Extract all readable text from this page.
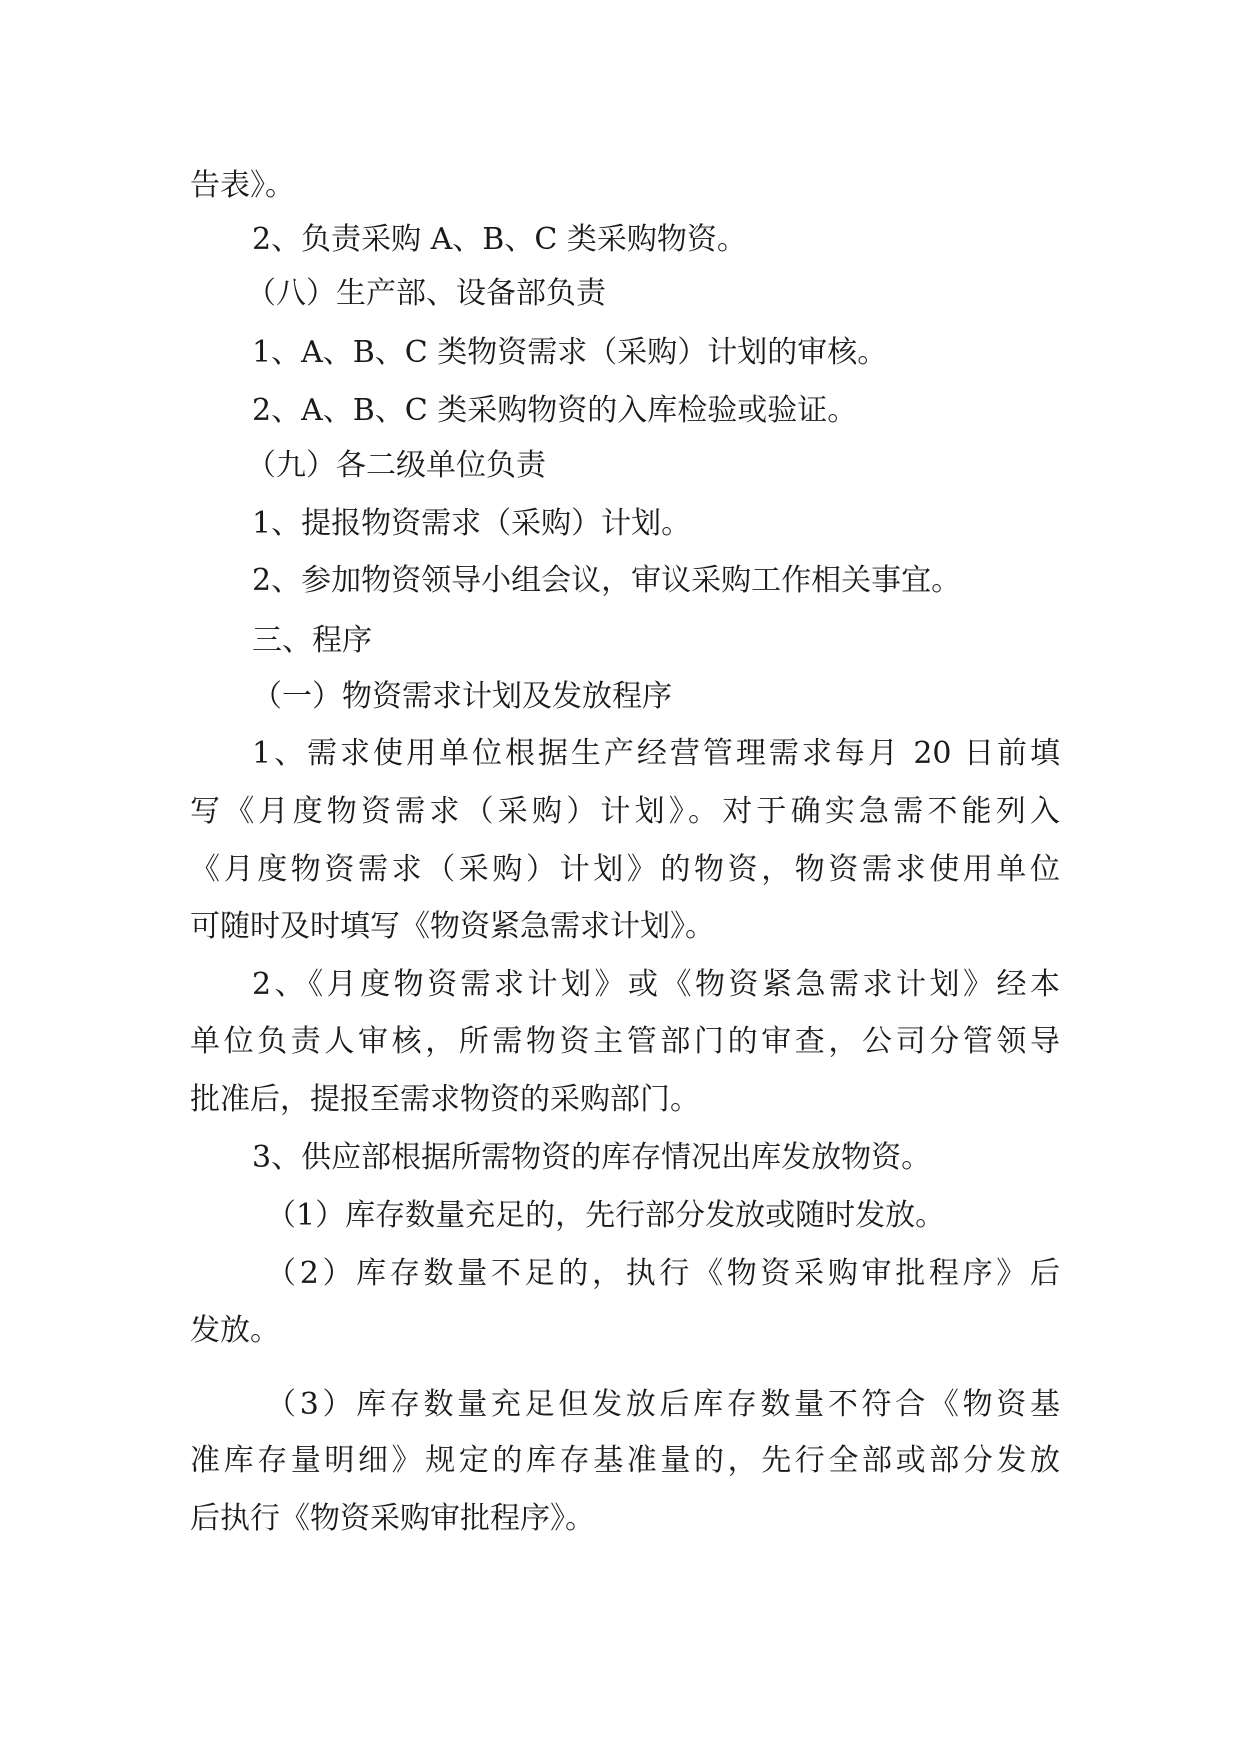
告表》。
2、负责采购 A、B、C 类采购物资。
（八）生产部、设备部负责
1、A、B、C 类物资需求（采购）计划的审核。
2、A、B、C 类采购物资的入库检验或验证。
（九）各二级单位负责
1、提报物资需求（采购）计划。
2、参加物资领导小组会议，审议采购工作相关事宜。
三、程序
（一）物资需求计划及发放程序
1、需求使用单位根据生产经营管理需求每月 20 日前填
写《月度物资需求（采购）计划》。对于确实急需不能列入
《月度物资需求（采购）计划》的物资，物资需求使用单位
可随时及时填写《物资紧急需求计划》。
2、《月度物资需求计划》或《物资紧急需求计划》经本
单位负责人审核，所需物资主管部门的审查，公司分管领导
批准后，提报至需求物资的采购部门。
3、供应部根据所需物资的库存情况出库发放物资。
（1）库存数量充足的，先行部分发放或随时发放。
（2）库存数量不足的，执行《物资采购审批程序》后
发放。
（3）库存数量充足但发放后库存数量不符合《物资基
准库存量明细》规定的库存基准量的，先行全部或部分发放
后执行《物资采购审批程序》。
